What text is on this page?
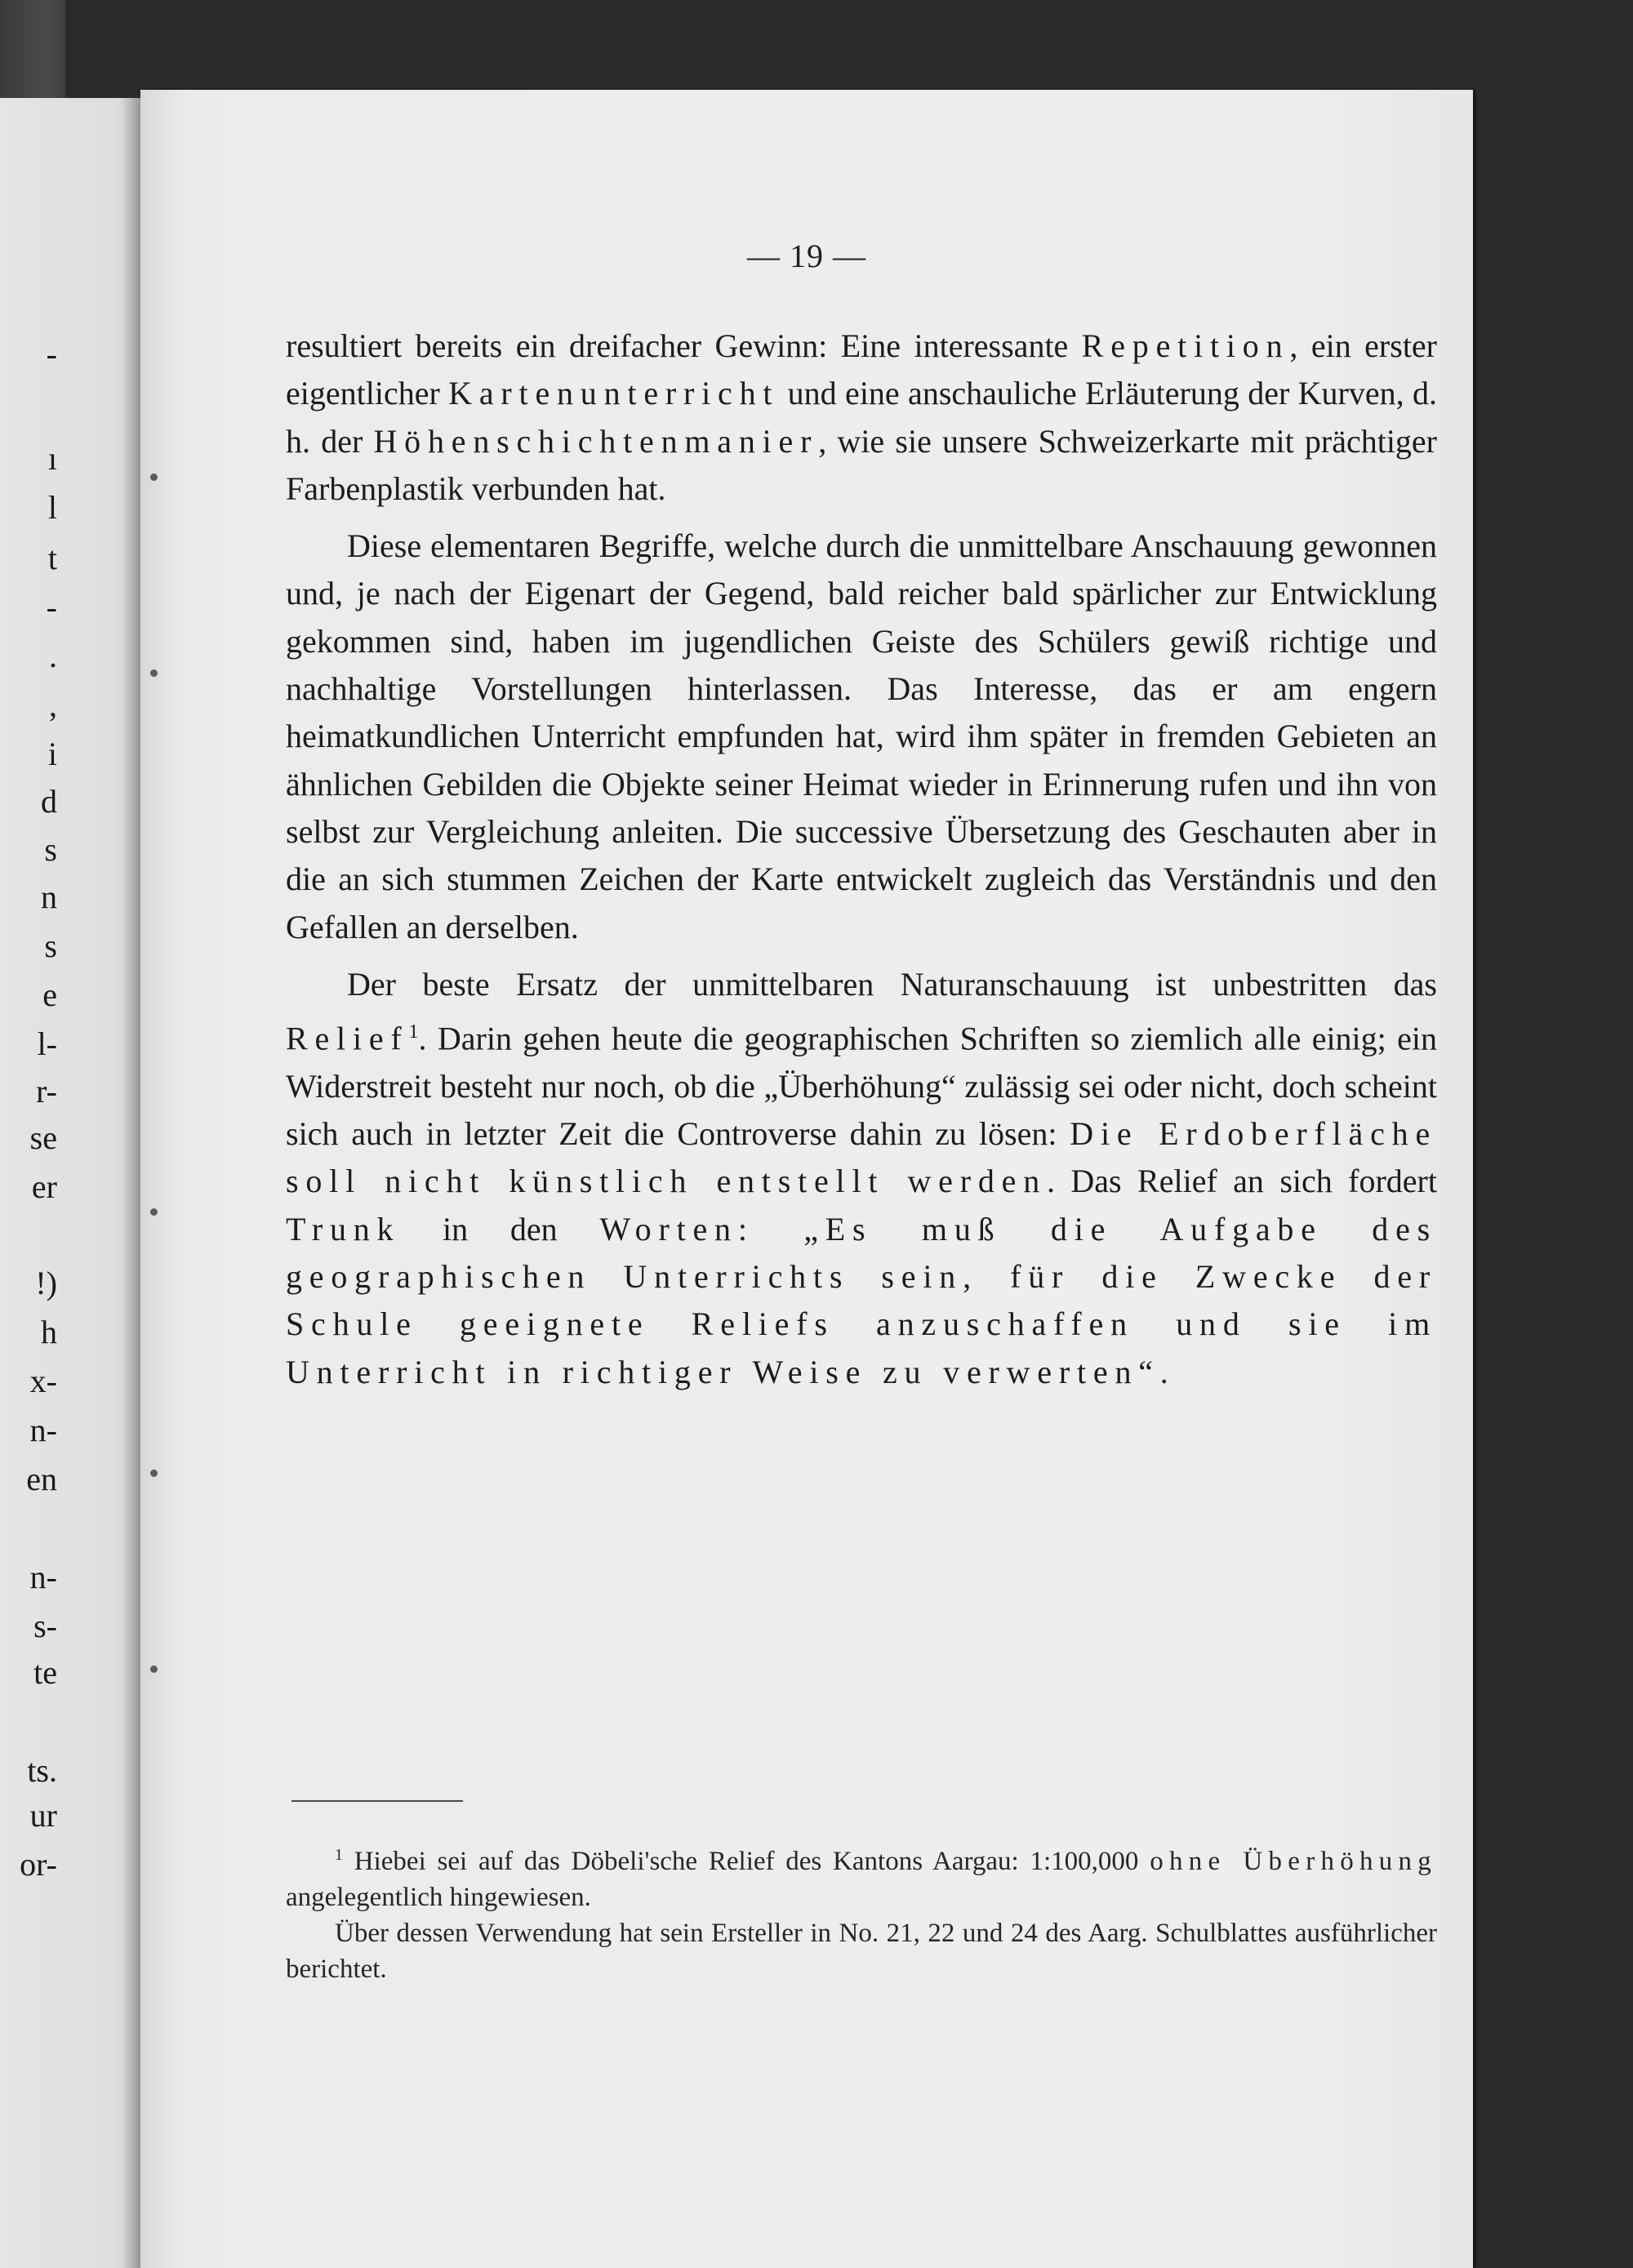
-
ı
l
t
-
.
,
i
d
s
n
s
e
l-
r-
se
er
!)
h
x-
n-
en
n-
s-
te
ts.
ur
or-
— 19 —

resultiert bereits ein dreifacher Gewinn: Eine interessante Repetition, ein erster eigentlicher Kartenunterricht und eine anschauliche Erläuterung der Kurven, d. h. der Höhenschichtenmanier, wie sie unsere Schweizerkarte mit prächtiger Farbenplastik verbunden hat.

Diese elementaren Begriffe, welche durch die unmittelbare Anschauung gewonnen und, je nach der Eigenart der Gegend, bald reicher bald spärlicher zur Entwicklung gekommen sind, haben im jugendlichen Geiste des Schülers gewiß richtige und nachhaltige Vorstellungen hinterlassen. Das Interesse, das er am engern heimatkundlichen Unterricht empfunden hat, wird ihm später in fremden Gebieten an ähnlichen Gebilden die Objekte seiner Heimat wieder in Erinnerung rufen und ihn von selbst zur Vergleichung anleiten. Die successive Übersetzung des Geschauten aber in die an sich stummen Zeichen der Karte entwickelt zugleich das Verständnis und den Gefallen an derselben.

Der beste Ersatz der unmittelbaren Naturanschauung ist unbestritten das Relief$^1$. Darin gehen heute die geographischen Schriften so ziemlich alle einig; ein Widerstreit besteht nur noch, ob die „Überhöhung“ zulässig sei oder nicht, doch scheint sich auch in letzter Zeit die Controverse dahin zu lösen: Die Erdoberfläche soll nicht künstlich entstellt werden. Das Relief an sich fordert Trunk in den Worten: „Es muß die Aufgabe des geographischen Unterrichts sein, für die Zwecke der Schule geeignete Reliefs anzuschaffen und sie im Unterricht in richtiger Weise zu verwerten“.

$^1$ Hiebei sei auf das Döbeli'sche Relief des Kantons Aargau: 1:100,000 ohne Überhöhung angelegentlich hingewiesen.

Über dessen Verwendung hat sein Ersteller in No. 21, 22 und 24 des Aarg. Schulblattes ausführlicher berichtet.
